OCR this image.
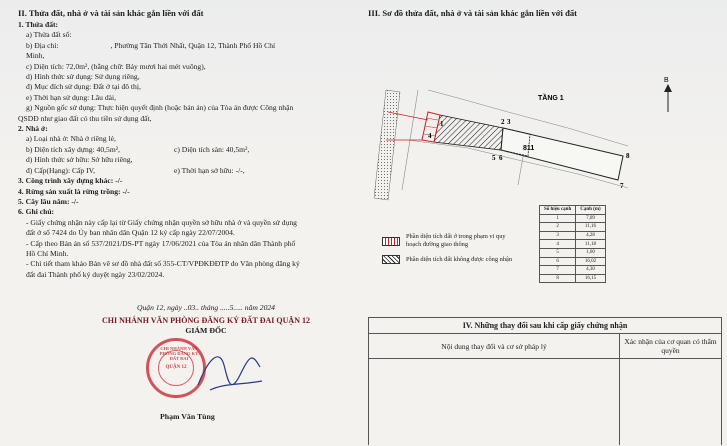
II. Thửa đất, nhà ở và tài sản khác gắn liền với đất
1. Thửa đất:
a) Thửa đất số:
b) Địa chỉ:	, Phường Tân Thới Nhất, Quận 12, Thành Phố Hồ Chí
Minh,
c) Diện tích: 72,0m², (bằng chữ: Bảy mươi hai mét vuông),
d) Hình thức sử dụng: Sử dụng riêng,
đ) Mục đích sử dụng: Đất ở tại đô thị,
e) Thời hạn sử dụng: Lâu dài,
g) Nguồn gốc sử dụng: Thực hiện quyết định (hoặc bản án) của Tòa án được Công nhận
QSDĐ như giao đất có thu tiền sử dụng đất,
2. Nhà ở:
a) Loại nhà ở: Nhà ở riêng lẻ,
b) Diện tích xây dựng: 40,5m²,	c) Diện tích sàn: 40,5m²,
d) Hình thức sở hữu: Sở hữu riêng,
đ) Cấp(Hạng): Cấp IV,	e) Thời hạn sở hữu: -/-,
3. Công trình xây dựng khác: -/-
4. Rừng sản xuất là rừng trồng: -/-
5. Cây lâu năm: -/-
6. Ghi chú:
- Giấy chứng nhận này cấp lại từ Giấy chứng nhận quyền sở hữu nhà ở và quyền sử dụng
đất ở số 7424 do Ủy ban nhân dân Quận 12 ký cấp ngày 22/07/2004.
- Cấp theo Bản án số 537/2021/DS-PT ngày 17/06/2021 của Tòa án nhân dân Thành phố
Hồ Chí Minh.
- Chỉ tiết tham khảo Bản vẽ sơ đồ nhà đất số 355-CT/VPĐKĐĐTP do Văn phòng đăng ký
đất đai Thành phố ký duyệt ngày 23/02/2024.
Quận 12, ngày ..03.. tháng .....5..... năm 2024
CHI NHÁNH VĂN PHÒNG ĐĂNG KÝ ĐẤT ĐAI QUẬN 12
GIÁM ĐỐC
QUẬN 12
CHI NHÁNH VĂN PHÒNG ĐĂNG KÝ ĐẤT ĐAI
Phạm Văn Tùng
III. Sơ đồ thửa đất, nhà ở và tài sản khác gắn liền với đất
B
TẦNG 1
811
1	2 3
4
5 6
7
8
Phần diện tích đất ở trong phạm vi quy hoạch đường giao thông
Phần diện tích đất không được công nhận
Số hiệu cạnh	Cạnh (m)
1	7,09
2	11,16
3	4,28
4	11,18
5	1,60
6	16,02
7	4,30
8	16,15
IV. Những thay đổi sau khi cấp giấy chứng nhận
Nội dung thay đổi và cơ sở pháp lý	Xác nhận của cơ quan có thẩm quyền
